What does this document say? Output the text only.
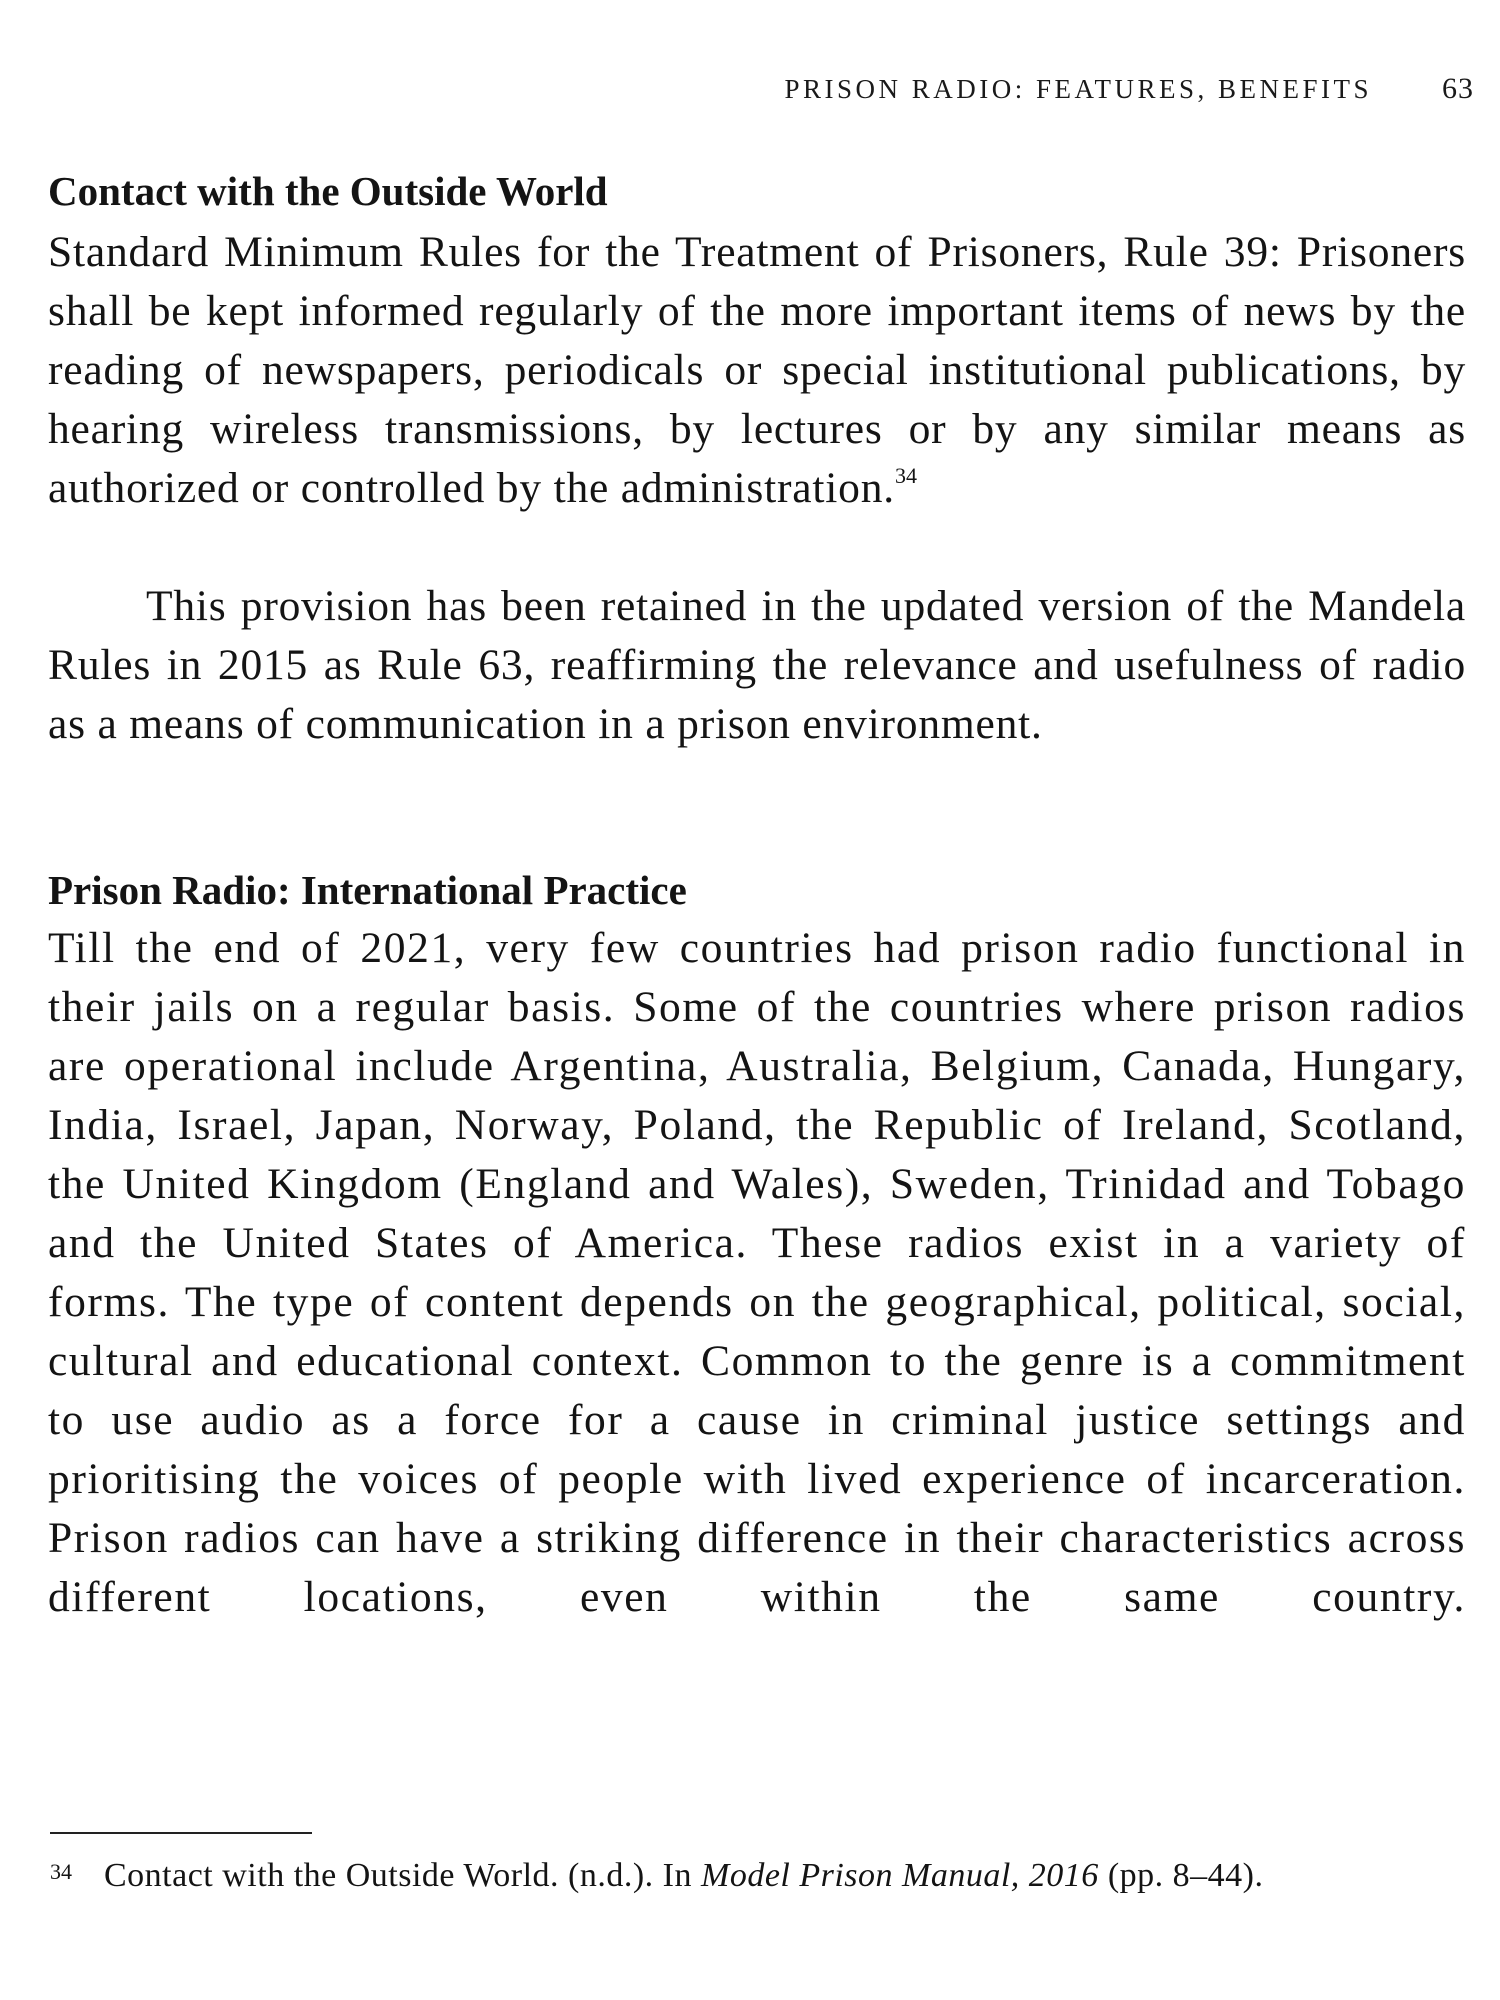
PRISON RADIO: FEATURES, BENEFITS 63
Contact with the Outside World

Standard Minimum Rules for the Treatment of Prisoners, Rule 39: Prisoners shall be kept informed regularly of the more important items of news by the reading of newspapers, periodicals or special institutional publications, by hearing wireless transmissions, by lectures or by any similar means as authorized or controlled by the administration.$^{34}$

This provision has been retained in the updated version of the Mandela Rules in 2015 as Rule 63, reaffirming the relevance and usefulness of radio as a means of communication in a prison environment.

Prison Radio: International Practice

Till the end of 2021, very few countries had prison radio functional in their jails on a regular basis. Some of the countries where prison radios are operational include Argentina, Australia, Belgium, Canada, Hungary, India, Israel, Japan, Norway, Poland, the Republic of Ireland, Scotland, the United Kingdom (England and Wales), Sweden, Trinidad and Tobago and the United States of America. These radios exist in a variety of forms. The type of content depends on the geographical, political, social, cultural and educational context. Common to the genre is a commitment to use audio as a force for a cause in criminal justice settings and prioritising the voices of people with lived experience of incarceration. Prison radios can have a striking difference in their characteristics across different locations, even within the same country.

34 Contact with the Outside World. (n.d.). In Model Prison Manual, 2016 (pp. 8–44).
